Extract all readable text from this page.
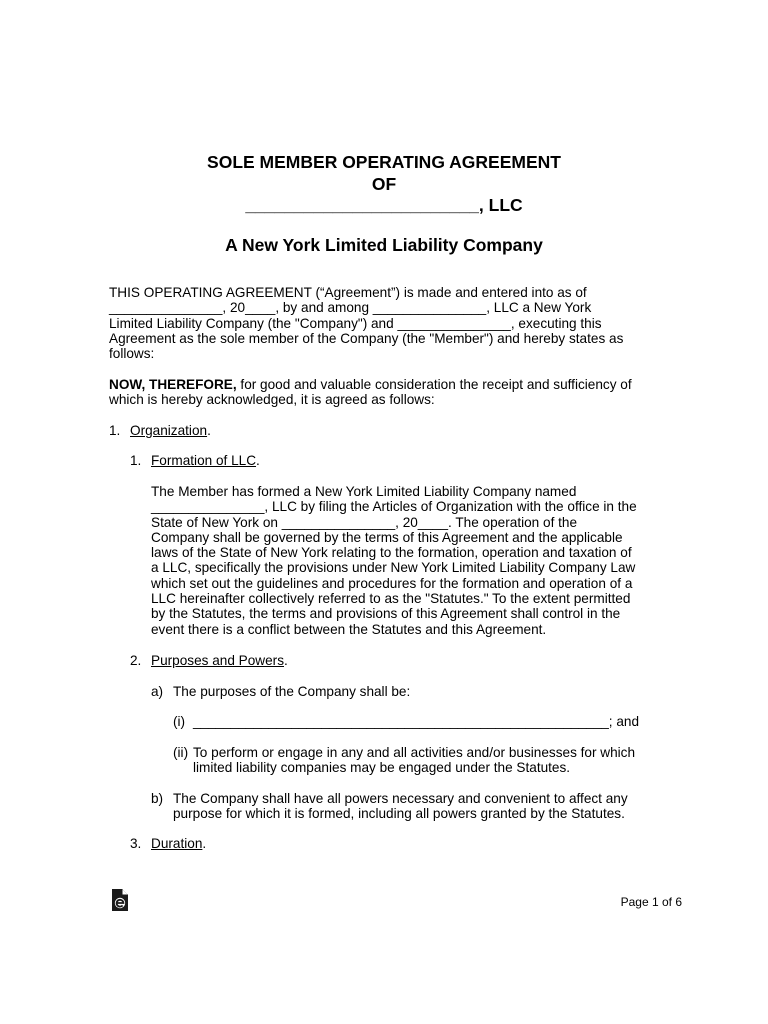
SOLE MEMBER OPERATING AGREEMENT
OF
________________________, LLC
A New York Limited Liability Company
THIS OPERATING AGREEMENT (“Agreement”) is made and entered into as of
_______________, 20____, by and among _______________, LLC a New York
Limited Liability Company (the "Company") and _______________, executing this
Agreement as the sole member of the Company (the "Member") and hereby states as
follows:
NOW, THEREFORE, for good and valuable consideration the receipt and sufficiency of
which is hereby acknowledged, it is agreed as follows:
1. Organization.
1. Formation of LLC.
The Member has formed a New York Limited Liability Company named
_______________, LLC by filing the Articles of Organization with the office in the
State of New York on _______________, 20____. The operation of the
Company shall be governed by the terms of this Agreement and the applicable
laws of the State of New York relating to the formation, operation and taxation of
a LLC, specifically the provisions under New York Limited Liability Company Law
which set out the guidelines and procedures for the formation and operation of a
LLC hereinafter collectively referred to as the "Statutes." To the extent permitted
by the Statutes, the terms and provisions of this Agreement shall control in the
event there is a conflict between the Statutes and this Agreement.
2. Purposes and Powers.
a) The purposes of the Company shall be:
(i) _______________________________________________________; and
(ii) To perform or engage in any and all activities and/or businesses for which
limited liability companies may be engaged under the Statutes.
b) The Company shall have all powers necessary and convenient to affect any
purpose for which it is formed, including all powers granted by the Statutes.
3. Duration.
Page 1 of 6
